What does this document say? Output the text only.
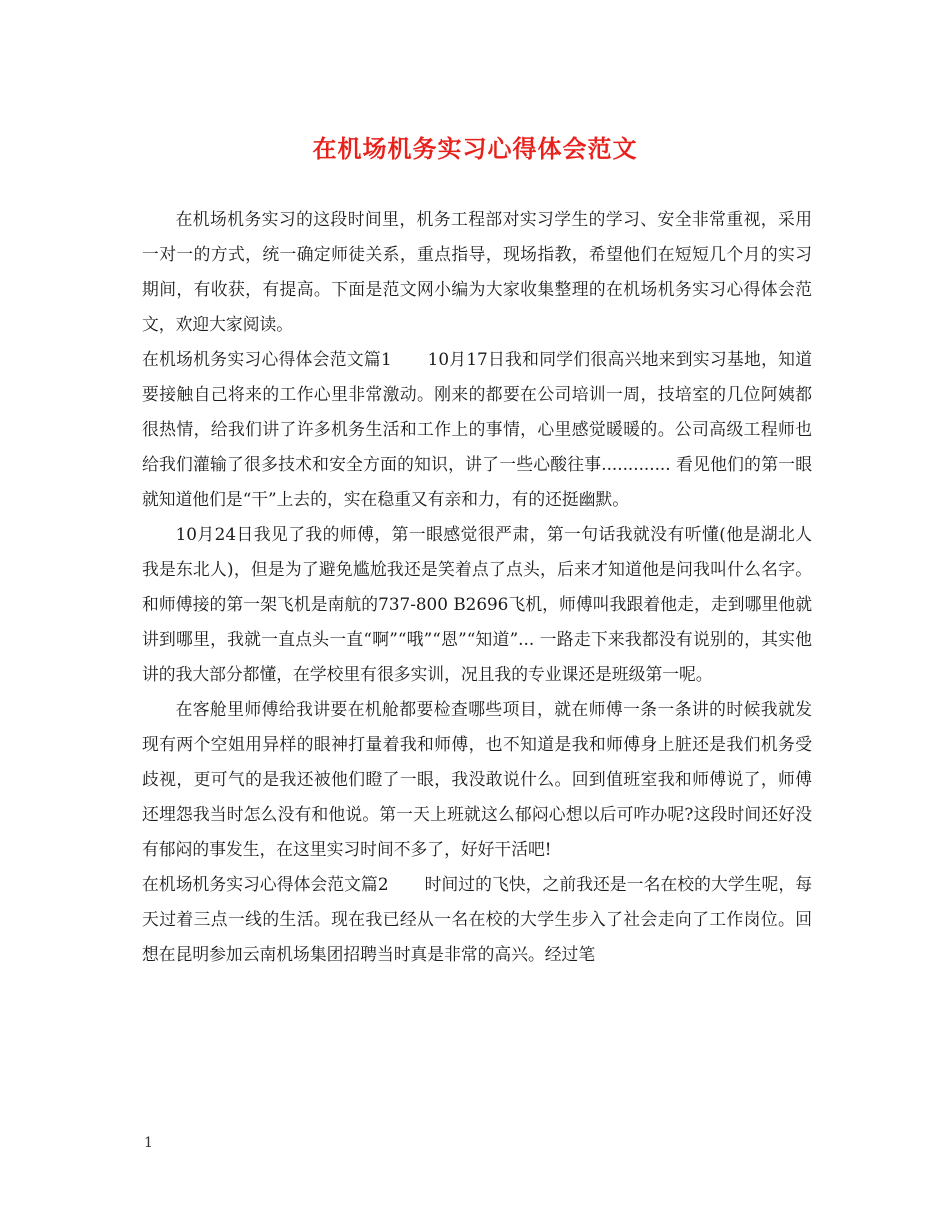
在机场机务实习心得体会范文

在机场机务实习的这段时间里，机务工程部对实习学生的学习、安全非常重视，采用一对一的方式，统一确定师徒关系，重点指导，现场指教，希望他们在短短几个月的实习期间，有收获，有提高。下面是范文网小编为大家收集整理的在机场机务实习心得体会范文，欢迎大家阅读。

在机场机务实习心得体会范文篇1 10月17日我和同学们很高兴地来到实习基地，知道要接触自己将来的工作心里非常激动。刚来的都要在公司培训一周，技培室的几位阿姨都很热情，给我们讲了许多机务生活和工作上的事情，心里感觉暖暖的。公司高级工程师也给我们灌输了很多技术和安全方面的知识，讲了一些心酸往事............. 看见他们的第一眼就知道他们是“干”上去的，实在稳重又有亲和力，有的还挺幽默。

10月24日我见了我的师傅，第一眼感觉很严肃，第一句话我就没有听懂(他是湖北人我是东北人)，但是为了避免尴尬我还是笑着点了点头，后来才知道他是问我叫什么名字。和师傅接的第一架飞机是南航的737-800 B2696飞机，师傅叫我跟着他走，走到哪里他就讲到哪里，我就一直点头一直“啊”“哦”“恩”“知道”... 一路走下来我都没有说别的，其实他讲的我大部分都懂，在学校里有很多实训，况且我的专业课还是班级第一呢。

在客舱里师傅给我讲要在机舱都要检查哪些项目，就在师傅一条一条讲的时候我就发现有两个空姐用异样的眼神打量着我和师傅，也不知道是我和师傅身上脏还是我们机务受歧视，更可气的是我还被他们瞪了一眼，我没敢说什么。回到值班室我和师傅说了，师傅还埋怨我当时怎么没有和他说。第一天上班就这么郁闷心想以后可咋办呢?这段时间还好没有郁闷的事发生，在这里实习时间不多了，好好干活吧!

在机场机务实习心得体会范文篇2 时间过的飞快，之前我还是一名在校的大学生呢，每天过着三点一线的生活。现在我已经从一名在校的大学生步入了社会走向了工作岗位。回想在昆明参加云南机场集团招聘当时真是非常的高兴。经过笔

1
